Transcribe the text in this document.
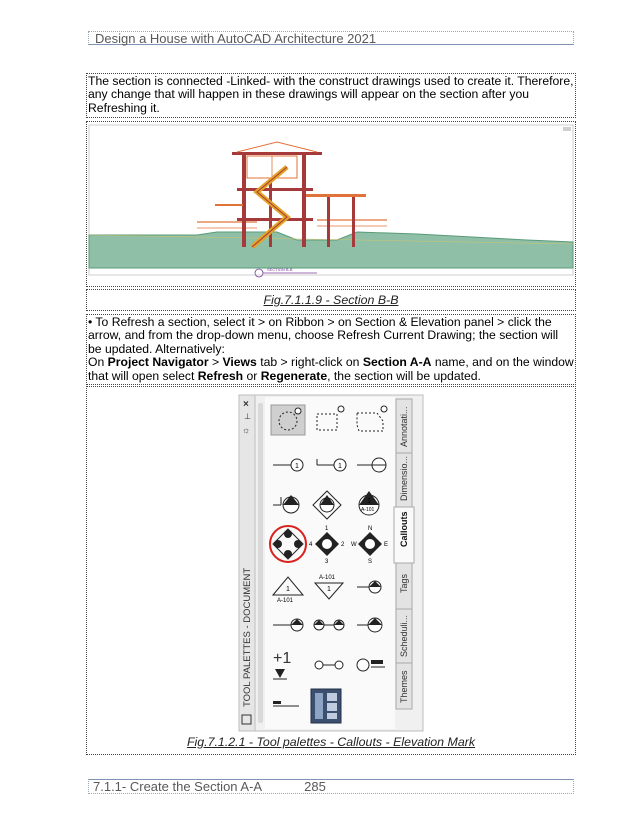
Design a House with AutoCAD Architecture 2021
The section is connected -Linked- with the construct drawings used to create it. Therefore, any change that will happen in these drawings will appear on the section after you Refreshing it.
SECTION B-B
Fig.7.1.1.9 - Section B-B
• To Refresh a section, select it > on Ribbon > on Section & Elevation panel > click the arrow, and from the drop-down menu, choose Refresh Current Drawing; the section will be updated. Alternatively:
On Project Navigator > Views tab > right-click on Section A-A name, and on the window that will open select Refresh or Regenerate, the section will be updated.
×
⊥
☼
TOOL PALETTES - DOCUMENT
1	1
1
A-101
1
2
3
4
N
E
S
W
1
A-101
A-101
1
+1
Annotati...
Dimensio...
Callouts
Tags
Scheduli...
Themes
Fig.7.1.2.1 - Tool palettes - Callouts - Elevation Mark
7.1.1- Create the Section A-A	285
